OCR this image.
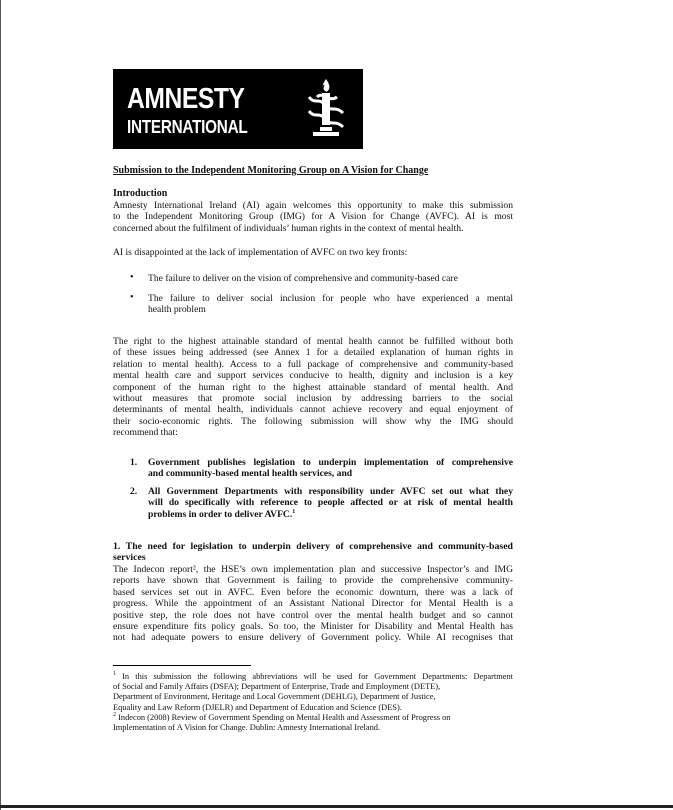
AMNESTY
INTERNATIONAL
Submission to the Independent Monitoring Group on A Vision for Change
Introduction
Amnesty International Ireland (AI) again welcomes this opportunity to make this submission
to the Independent Monitoring Group (IMG) for A Vision for Change (AVFC). AI is most
concerned about the fulfilment of individuals’ human rights in the context of mental health.
AI is disappointed at the lack of implementation of AVFC on two key fronts:
• The failure to deliver on the vision of comprehensive and community-based care
• The failure to deliver social inclusion for people who have experienced a mental
health problem
The right to the highest attainable standard of mental health cannot be fulfilled without both
of these issues being addressed (see Annex 1 for a detailed explanation of human rights in
relation to mental health). Access to a full package of comprehensive and community-based
mental health care and support services conducive to health, dignity and inclusion is a key
component of the human right to the highest attainable standard of mental health. And
without measures that promote social inclusion by addressing barriers to the social
determinants of mental health, individuals cannot achieve recovery and equal enjoyment of
their socio-economic rights. The following submission will show why the IMG should
recommend that:
1. Government publishes legislation to underpin implementation of comprehensive
and community-based mental health services, and
2. All Government Departments with responsibility under AVFC set out what they
will do specifically with reference to people affected or at risk of mental health
problems in order to deliver AVFC.$^1$
1. The need for legislation to underpin delivery of comprehensive and community-based
services
The Indecon report², the HSE’s own implementation plan and successive Inspector’s and IMG
reports have shown that Government is failing to provide the comprehensive community-
based services set out in AVFC. Even before the economic downturn, there was a lack of
progress. While the appointment of an Assistant National Director for Mental Health is a
positive step, the role does not have control over the mental health budget and so cannot
ensure expenditure fits policy goals. So too, the Minister for Disability and Mental Health has
not had adequate powers to ensure delivery of Government policy. While AI recognises that
$^1$ In this submission the following abbreviations will be used for Government Departments: Department
of Social and Family Affairs (DSFA); Department of Enterprise, Trade and Employment (DETE),
Department of Environment, Heritage and Local Government (DEHLG), Department of Justice,
Equality and Law Reform (DJELR) and Department of Education and Science (DES).
$^2$ Indecon (2008) Review of Government Spending on Mental Health and Assessment of Progress on
Implementation of A Vision for Change. Dublin: Amnesty International Ireland.
